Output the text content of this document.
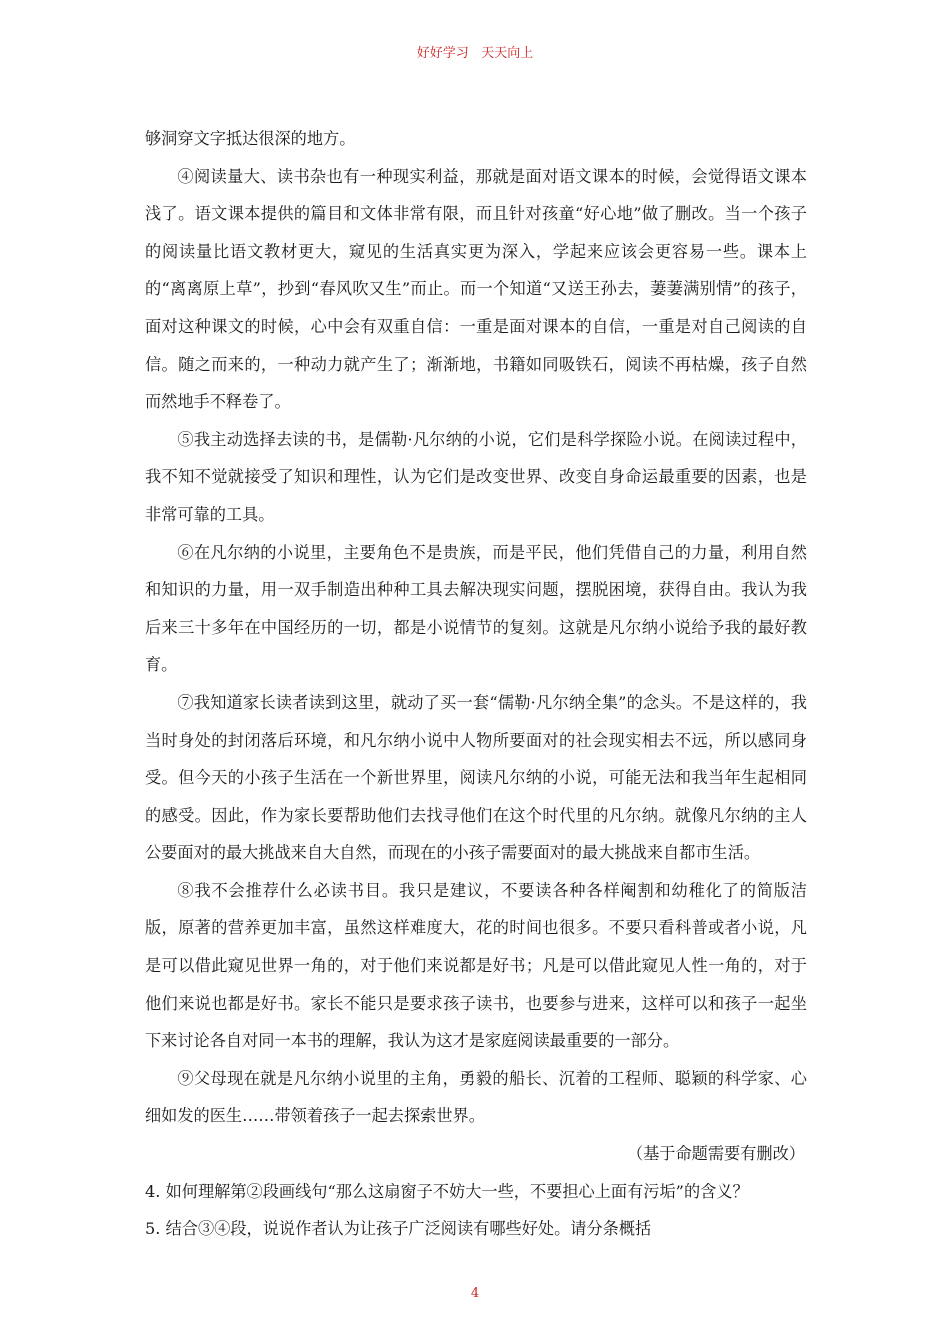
好好学习   天天向上

够洞穿文字抵达很深的地方。

④阅读量大、读书杂也有一种现实利益，那就是面对语文课本的时候，会觉得语文课本浅了。语文课本提供的篇目和文体非常有限，而且针对孩童“好心地”做了删改。当一个孩子的阅读量比语文教材更大，窥见的生活真实更为深入，学起来应该会更容易一些。课本上的“离离原上草”，抄到“春风吹又生”而止。而一个知道“又送王孙去，萋萋满别情”的孩子，面对这种课文的时候，心中会有双重自信：一重是面对课本的自信，一重是对自己阅读的自信。随之而来的，一种动力就产生了；渐渐地，书籍如同吸铁石，阅读不再枯燥，孩子自然而然地手不释卷了。

⑤我主动选择去读的书，是儒勒·凡尔纳的小说，它们是科学探险小说。在阅读过程中，我不知不觉就接受了知识和理性，认为它们是改变世界、改变自身命运最重要的因素，也是非常可靠的工具。

⑥在凡尔纳的小说里，主要角色不是贵族，而是平民，他们凭借自己的力量，利用自然和知识的力量，用一双手制造出种种工具去解决现实问题，摆脱困境，获得自由。我认为我后来三十多年在中国经历的一切，都是小说情节的复刻。这就是凡尔纳小说给予我的最好教育。

⑦我知道家长读者读到这里，就动了买一套“儒勒·凡尔纳全集”的念头。不是这样的，我当时身处的封闭落后环境，和凡尔纳小说中人物所要面对的社会现实相去不远，所以感同身受。但今天的小孩子生活在一个新世界里，阅读凡尔纳的小说，可能无法和我当年生起相同的感受。因此，作为家长要帮助他们去找寻他们在这个时代里的凡尔纳。就像凡尔纳的主人公要面对的最大挑战来自大自然，而现在的小孩子需要面对的最大挑战来自都市生活。

⑧我不会推荐什么必读书目。我只是建议，不要读各种各样阉割和幼稚化了的简版洁版，原著的营养更加丰富，虽然这样难度大，花的时间也很多。不要只看科普或者小说，凡是可以借此窥见世界一角的，对于他们来说都是好书；凡是可以借此窥见人性一角的，对于他们来说也都是好书。家长不能只是要求孩子读书，也要参与进来，这样可以和孩子一起坐下来讨论各自对同一本书的理解，我认为这才是家庭阅读最重要的一部分。

⑨父母现在就是凡尔纳小说里的主角，勇毅的船长、沉着的工程师、聪颖的科学家、心细如发的医生……带领着孩子一起去探索世界。

（基于命题需要有删改）

4. 如何理解第②段画线句“那么这扇窗子不妨大一些，不要担心上面有污垢”的含义？

5. 结合③④段，说说作者认为让孩子广泛阅读有哪些好处。请分条概括

4
